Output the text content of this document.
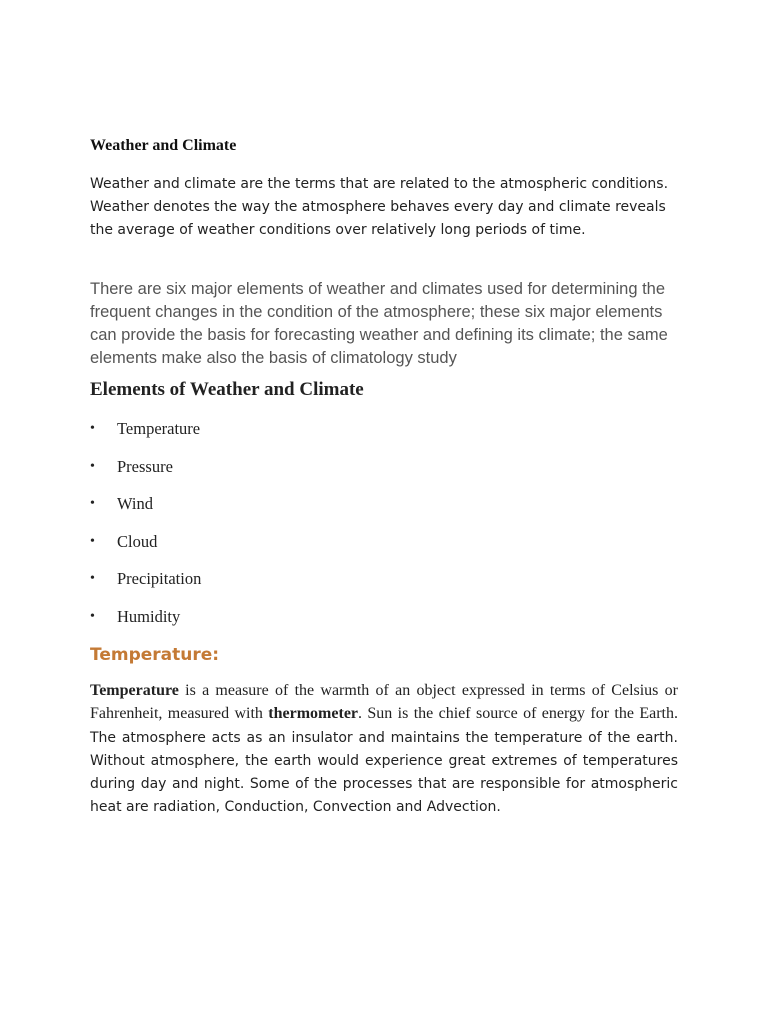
Weather and Climate

Weather and climate are the terms that are related to the atmospheric conditions. Weather denotes the way the atmosphere behaves every day and climate reveals the average of weather conditions over relatively long periods of time.

There are six major elements of weather and climates used for determining the frequent changes in the condition of the atmosphere; these six major elements can provide the basis for forecasting weather and defining its climate; the same elements make also the basis of climatology study

Elements of Weather and Climate
• Temperature
• Pressure
• Wind
• Cloud
• Precipitation
• Humidity
Temperature:

Temperature is a measure of the warmth of an object expressed in terms of Celsius or Fahrenheit, measured with thermometer. Sun is the chief source of energy for the Earth. The atmosphere acts as an insulator and maintains the temperature of the earth. Without atmosphere, the earth would experience great extremes of temperatures during day and night. Some of the processes that are responsible for atmospheric heat are radiation, Conduction, Convection and Advection.
